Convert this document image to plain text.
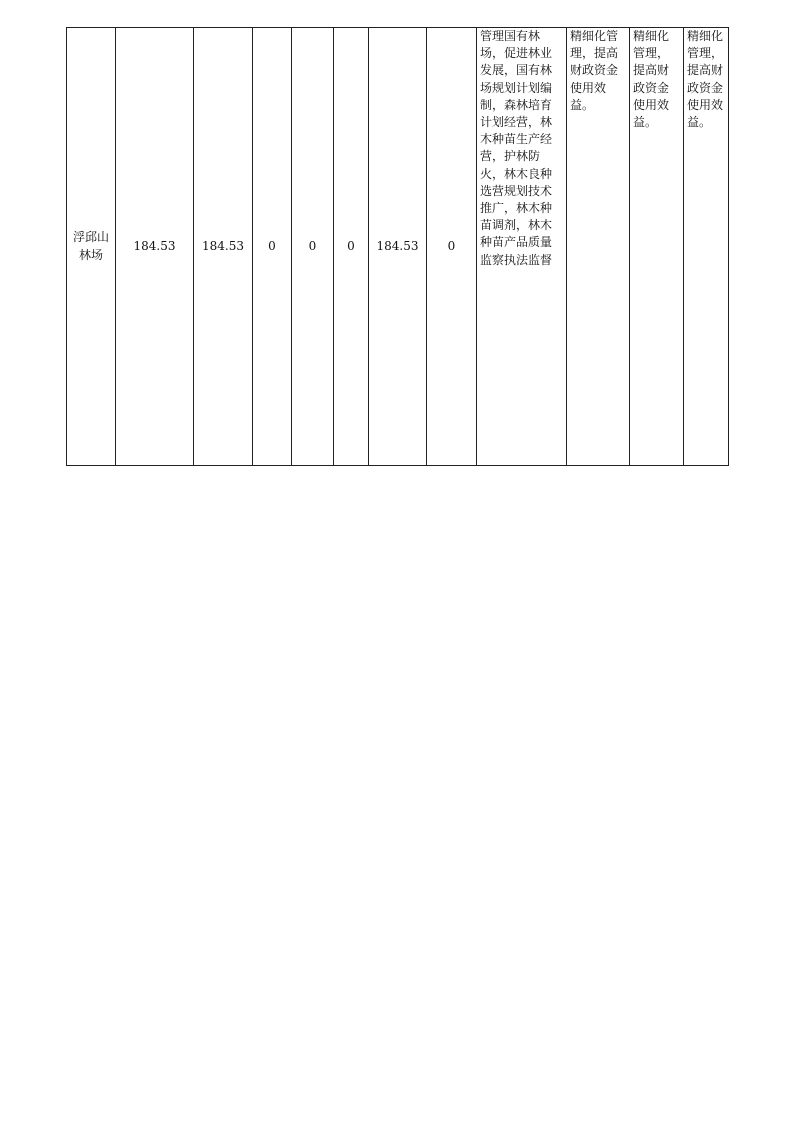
浮邱山林场	184.53	184.53	0	0	0	184.53	0	管理国有林场，促进林业发展，国有林场规划计划编制，森林培育计划经营，林木种苗生产经营，护林防火，林木良种选营规划技术推广，林木种苗调剂，林木种苗产品质量监察执法监督	精细化管理，提高财政资金使用效益。	精细化管理，提高财政资金使用效益。	精细化管理，提高财政资金使用效益。
